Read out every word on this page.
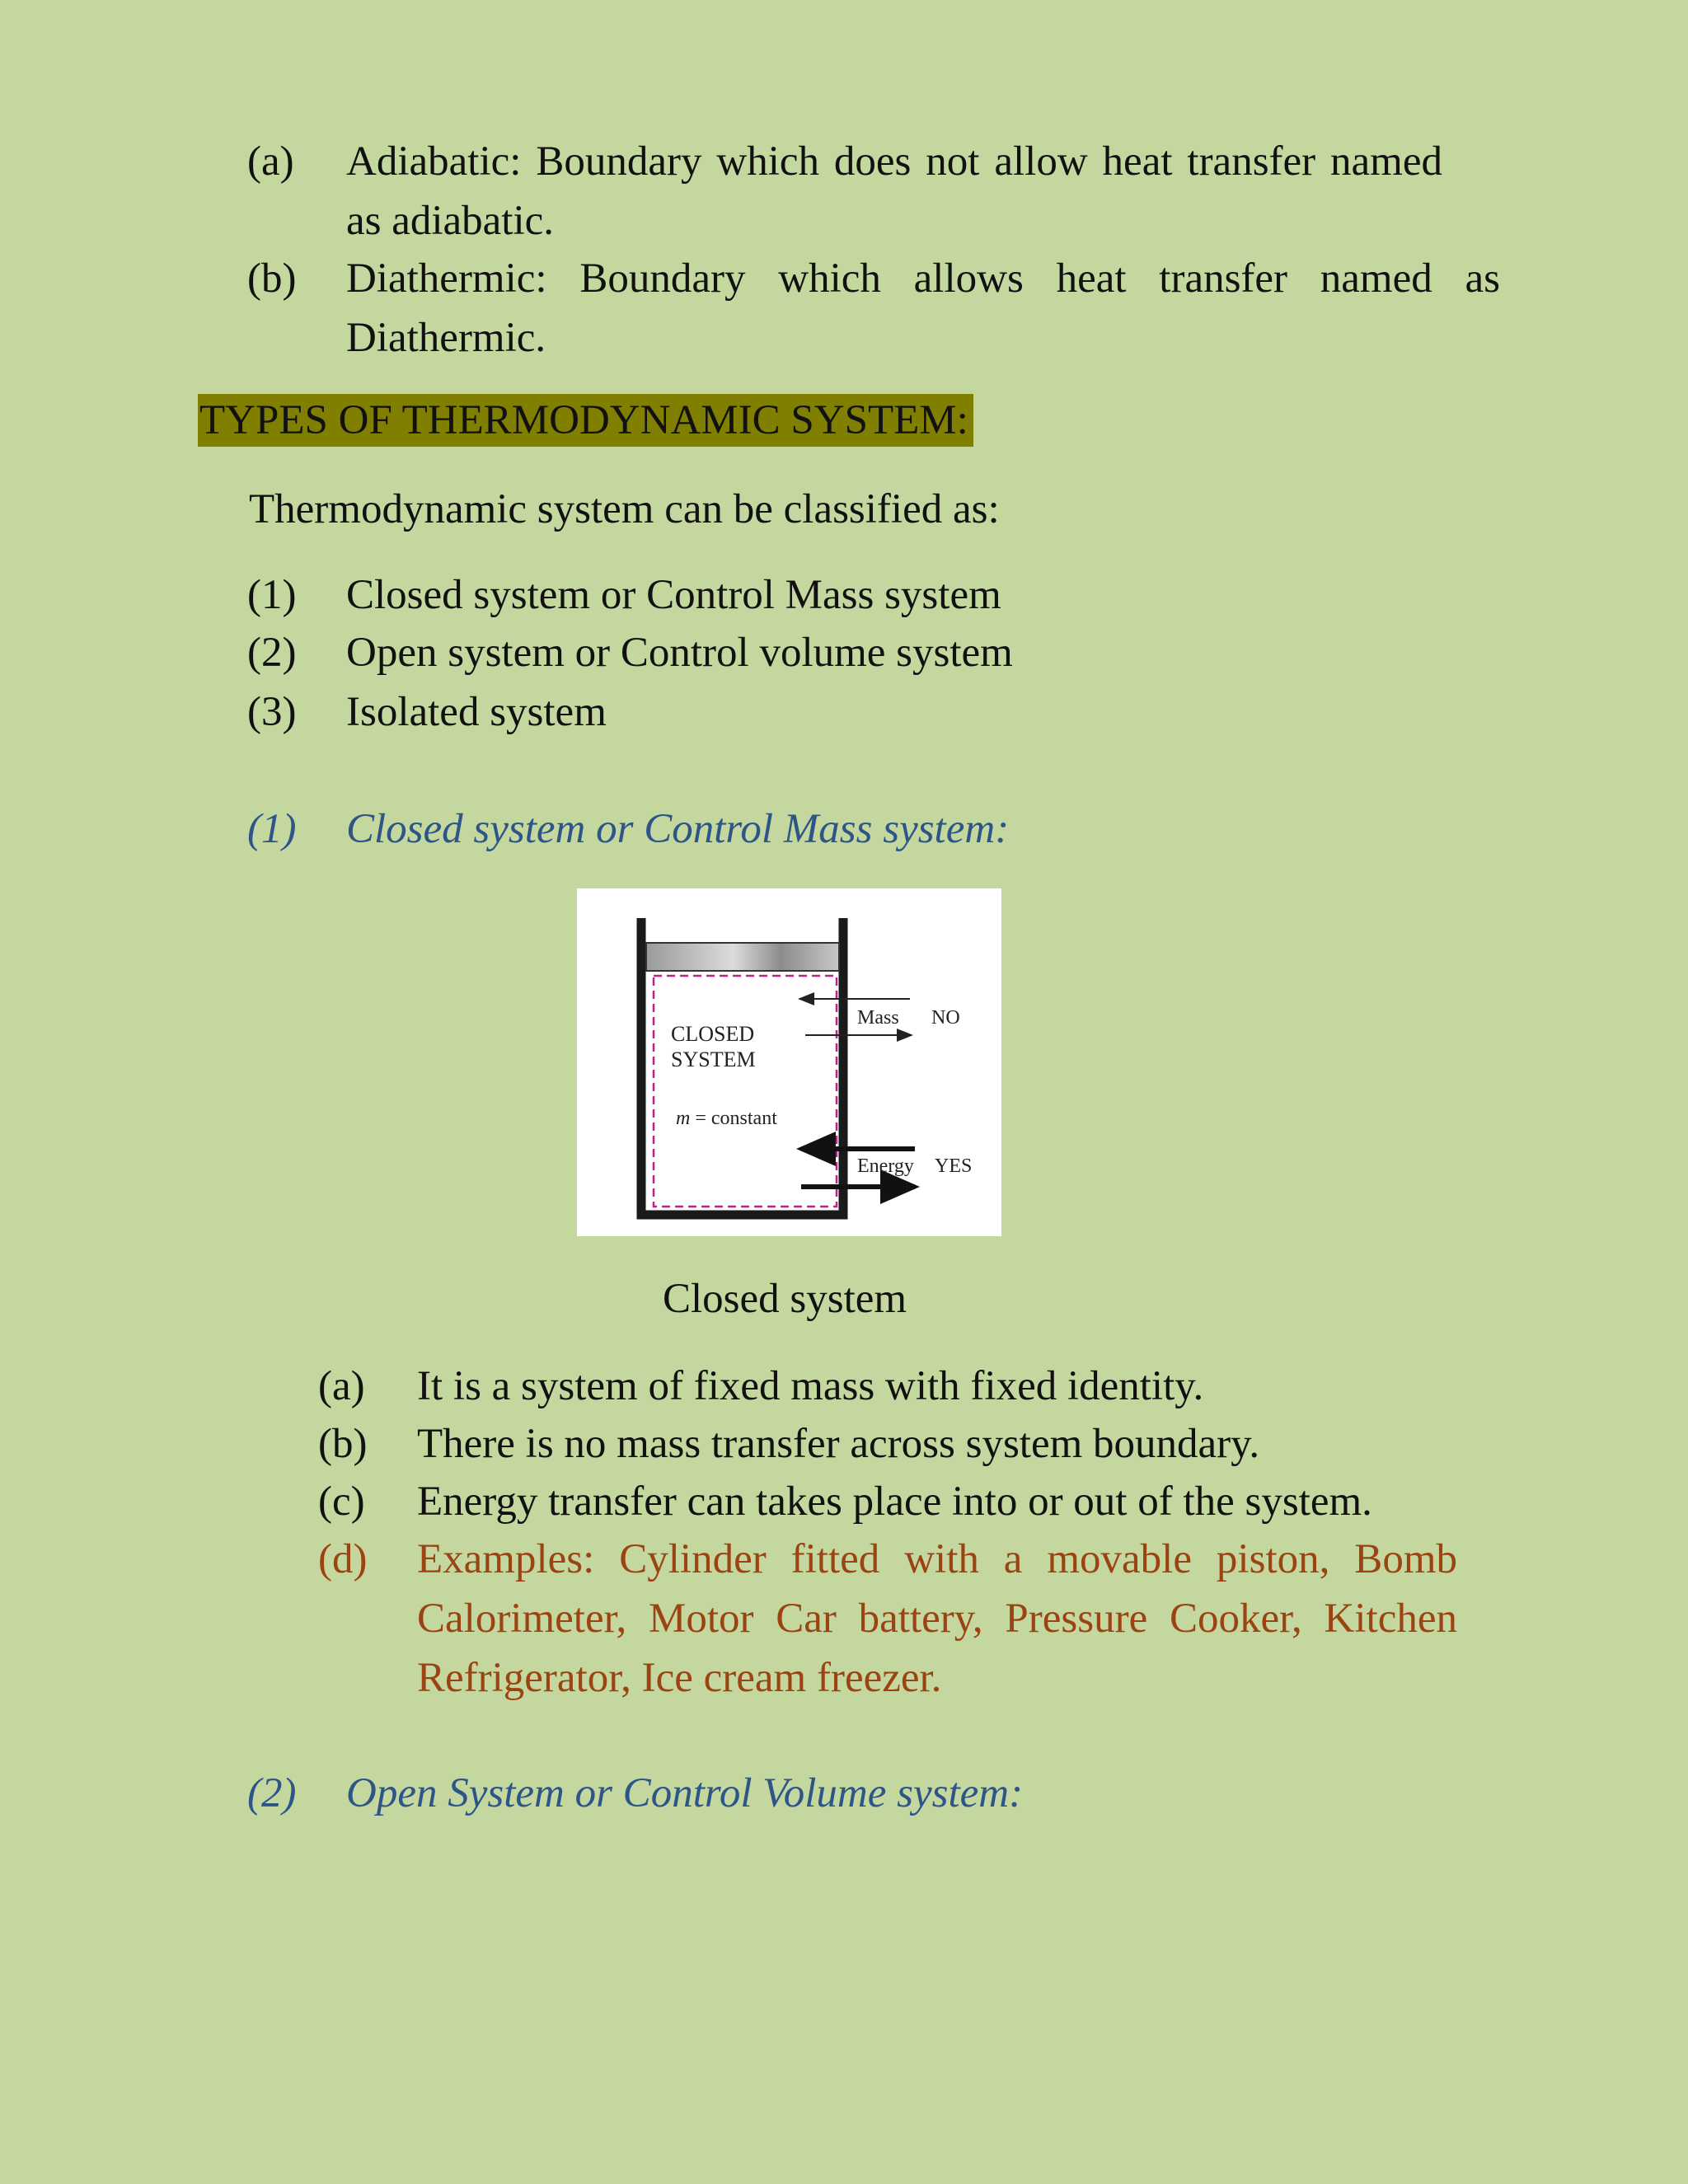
(a) Adiabatic: Boundary which does not allow heat transfer named as adiabatic.
(b) Diathermic: Boundary which allows heat transfer named as Diathermic.
TYPES OF THERMODYNAMIC SYSTEM:
Thermodynamic system can be classified as:
(1) Closed system or Control Mass system
(2) Open system or Control volume system
(3) Isolated system
(1) Closed system or Control Mass system:
CLOSED
SYSTEM
m = constant
Mass NO
Energy YES
Closed system
(a) It is a system of fixed mass with fixed identity.
(b) There is no mass transfer across system boundary.
(c) Energy transfer can takes place into or out of the system.
(d) Examples: Cylinder fitted with a movable piston, Bomb Calorimeter, Motor Car battery, Pressure Cooker, Kitchen Refrigerator, Ice cream freezer.
(2) Open System or Control Volume system:
